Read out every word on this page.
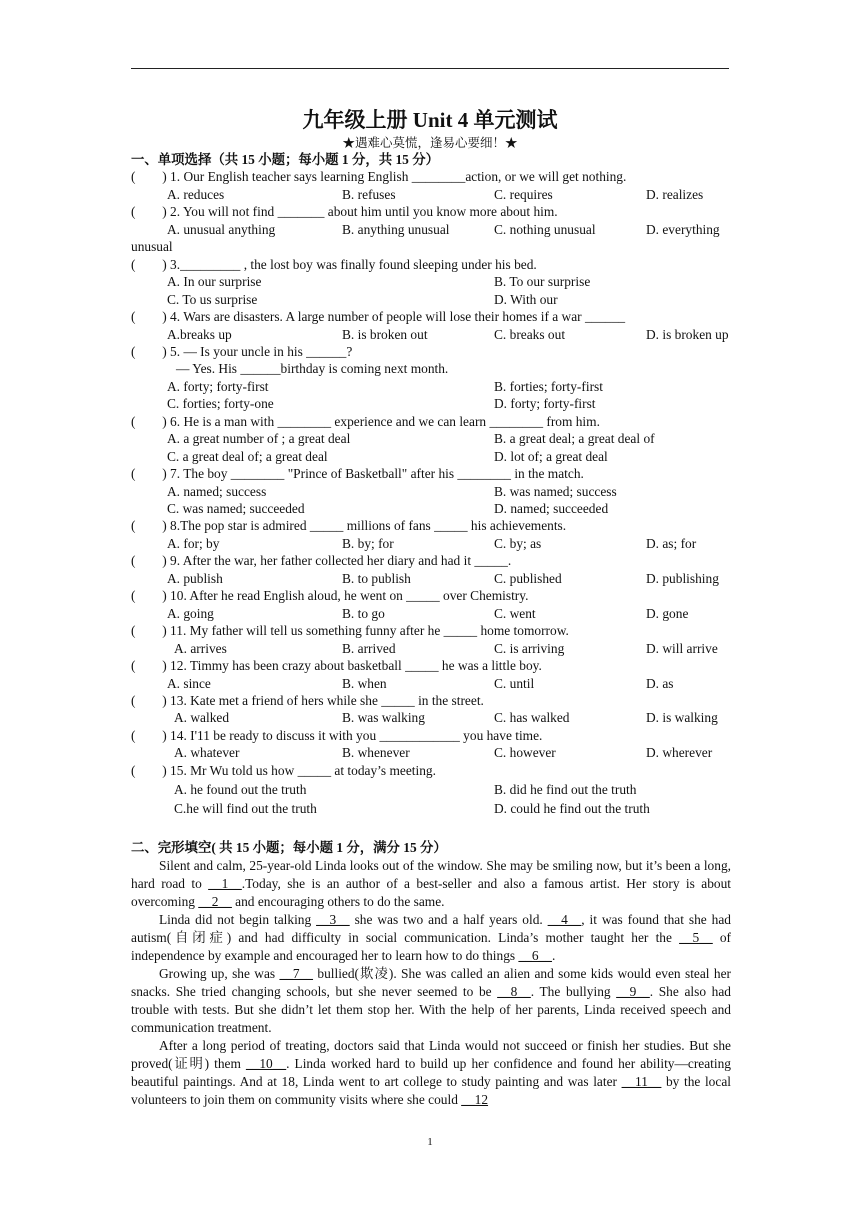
九年级上册 Unit 4 单元测试
★遇难心莫慌，逢易心要细！★
一、单项选择（共 15 小题；每小题 1 分，共 15 分）
(　　) 1. Our English teacher says learning English ________action, or we will get nothing.
A. reduces	B. refuses	C. requires	D. realizes
(　　) 2. You will not find _______ about him until you know more about him.
A. unusual anything	B. anything unusual	C. nothing unusual	D. everything
unusual
(　　) 3._________ , the lost boy was finally found sleeping under his bed.
A. In our surprise	B. To our surprise
C. To us surprise	D. With our
(　　) 4. Wars are disasters. A large number of people will lose their homes if a war ______
A.breaks up	B. is broken out	C. breaks out	D. is broken up
(　　) 5. — Is your uncle in his ______?
— Yes. His ______birthday is coming next month.
A. forty; forty-first	B. forties; forty-first
C. forties; forty-one	D. forty; forty-first
(　　) 6. He is a man with ________ experience and we can learn ________ from him.
A. a great number of ; a great deal	B. a great deal; a great deal of
C. a great deal of; a great deal	D. lot of; a great deal
(　　) 7. The boy ________ "Prince of Basketball" after his ________ in the match.
A. named; success	B. was named; success
C. was named; succeeded	D. named; succeeded
(　　) 8.The pop star is admired _____ millions of fans _____ his achievements.
A. for; by	B. by; for	C. by; as	D. as; for
(　　) 9. After the war, her father collected her diary and had it _____.
A. publish	B. to publish	C. published	D. publishing
(　　) 10. After he read English aloud, he went on _____ over Chemistry.
A. going	B. to go	C. went	D. gone
(　　) 11. My father will tell us something funny after he _____ home tomorrow.
A. arrives	B. arrived	C. is arriving	D. will arrive
(　　) 12. Timmy has been crazy about basketball _____ he was a little boy.
A. since	B. when	C. until	D. as
(　　) 13. Kate met a friend of hers while she _____ in the street.
A. walked	B. was walking	C. has walked	D. is walking
(　　) 14. I'11 be ready to discuss it with you ____________ you have time.
A. whatever	B. whenever	C. however	D. wherever
(　　) 15. Mr Wu told us how _____ at today’s meeting.
A. he found out the truth	B. did he find out the truth
C.he will find out the truth	D. could he find out the truth
二、完形填空( 共 15 小题；每小题 1 分，满分 15 分）

Silent and calm, 25-year-old Linda looks out of the window. She may be smiling now, but it’s been a long, hard road to __1__.Today, she is an author of a best-seller and also a famous artist. Her story is about overcoming __2__ and encouraging others to do the same.

Linda did not begin talking __3__ she was two and a half years old. __4__, it was found that she had autism(自闭症) and had difficulty in social communication. Linda’s mother taught her the __5__ of independence by example and encouraged her to learn how to do things __6__.

Growing up, she was __7__ bullied(欺凌). She was called an alien and some kids would even steal her snacks. She tried changing schools, but she never seemed to be __8__. The bullying __9__. She also had trouble with tests. But she didn’t let them stop her. With the help of her parents, Linda received speech and communication treatment.

After a long period of treating, doctors said that Linda would not succeed or finish her studies. But she proved(证明) them __10__. Linda worked hard to build up her confidence and found her ability—creating beautiful paintings. And at 18, Linda went to art college to study painting and was later __11__ by the local volunteers to join them on community visits where she could __12

1
